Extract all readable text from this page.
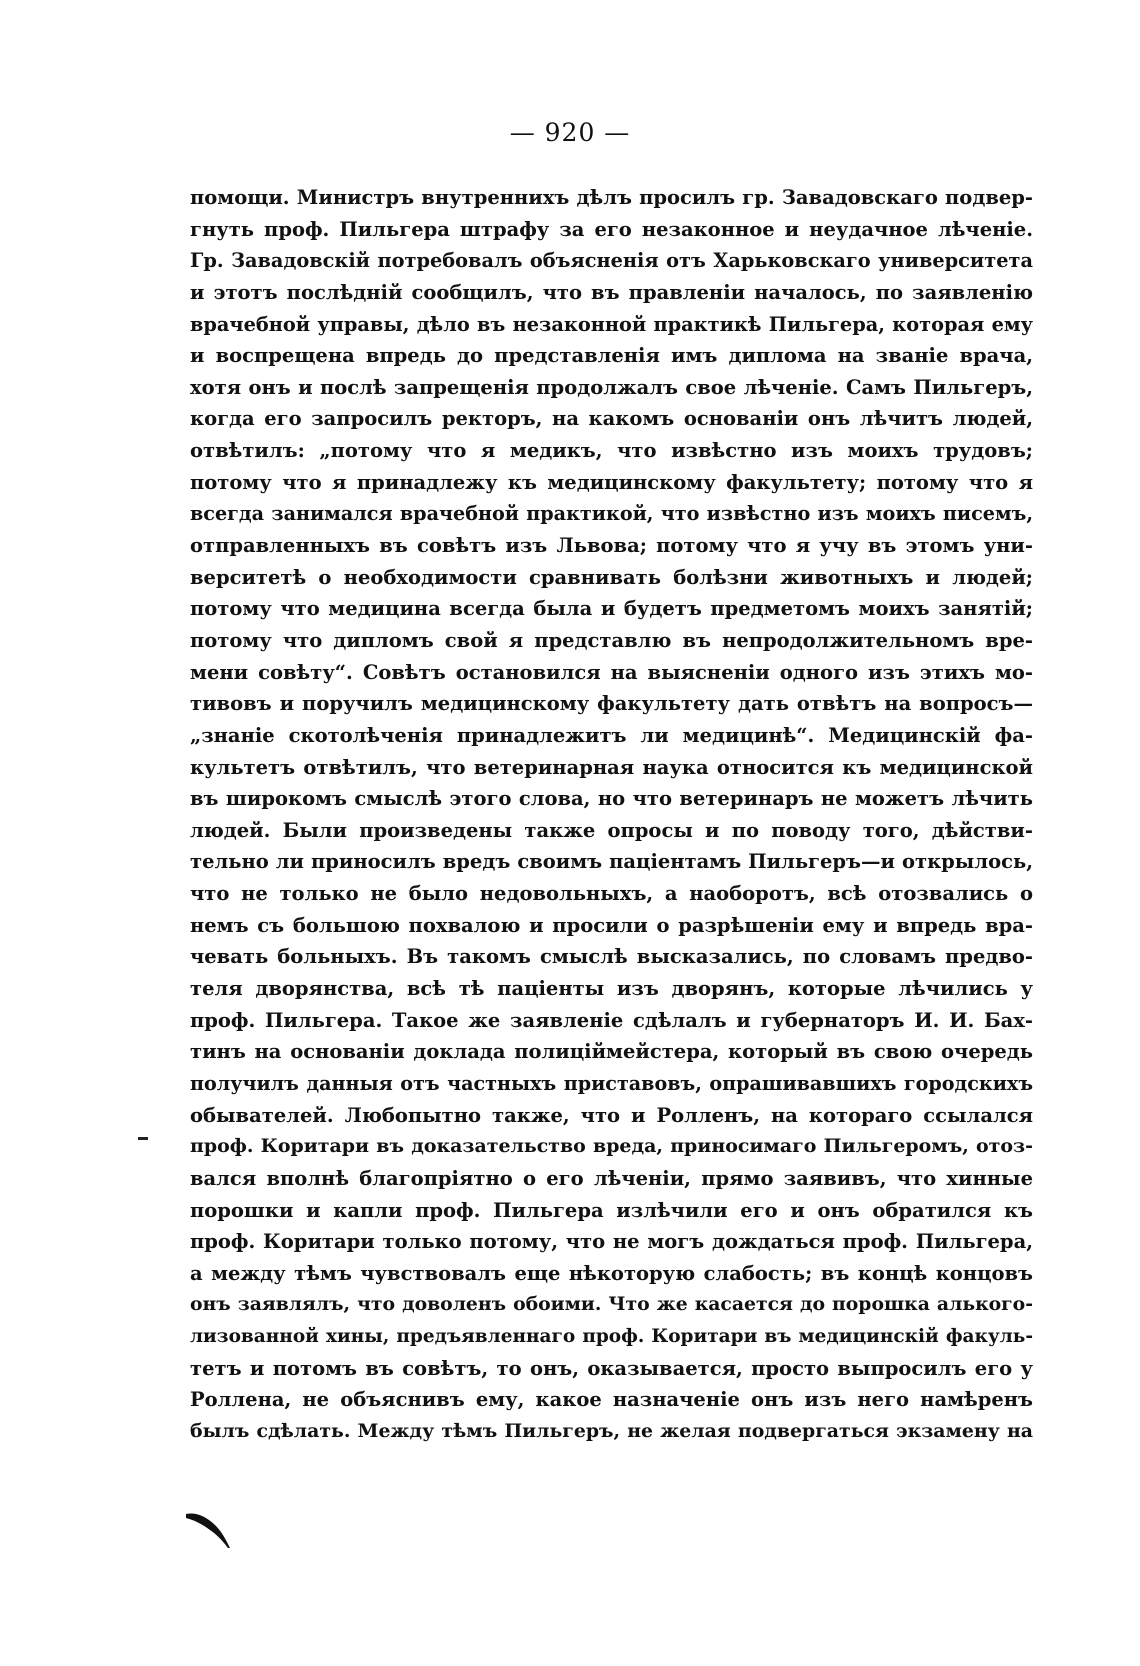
— 920 —
помощи. Министръ внутреннихъ дѣлъ просилъ гр. Завадовскаго подвер-
гнуть проф. Пильгера штрафу за его незаконное и неудачное лѣченіе.
Гр. Завадовскій потребовалъ объясненія отъ Харьковскаго университета
и этотъ послѣдній сообщилъ, что въ правленіи началось, по заявленію
врачебной управы, дѣло въ незаконной практикѣ Пильгера, которая ему
и воспрещена впредь до представленія имъ диплома на званіе врача,
хотя онъ и послѣ запрещенія продолжалъ свое лѣченіе. Самъ Пильгеръ,
когда его запросилъ ректоръ, на какомъ основаніи онъ лѣчитъ людей,
отвѣтилъ: „потому что я медикъ, что извѣстно изъ моихъ трудовъ;
потому что я принадлежу къ медицинскому факультету; потому что я
всегда занимался врачебной практикой, что извѣстно изъ моихъ писемъ,
отправленныхъ въ совѣтъ изъ Львова; потому что я учу въ этомъ уни-
верситетѣ о необходимости сравнивать болѣзни животныхъ и людей;
потому что медицина всегда была и будетъ предметомъ моихъ занятій;
потому что дипломъ свой я представлю въ непродолжительномъ вре-
мени совѣту“. Совѣтъ остановился на выясненіи одного изъ этихъ мо-
тивовъ и поручилъ медицинскому факультету дать отвѣтъ на вопросъ—
„знаніе скотолѣченія принадлежитъ ли медицинѣ“. Медицинскій фа-
культетъ отвѣтилъ, что ветеринарная наука относится къ медицинской
въ широкомъ смыслѣ этого слова, но что ветеринаръ не можетъ лѣчить
людей. Были произведены также опросы и по поводу того, дѣйстви-
тельно ли приносилъ вредъ своимъ паціентамъ Пильгеръ—и открылось,
что не только не было недовольныхъ, а наоборотъ, всѣ отозвались о
немъ съ большою похвалою и просили о разрѣшеніи ему и впредь вра-
чевать больныхъ. Въ такомъ смыслѣ высказались, по словамъ предво-
теля дворянства, всѣ тѣ паціенты изъ дворянъ, которые лѣчились у
проф. Пильгера. Такое же заявленіе сдѣлалъ и губернаторъ И. И. Бах-
тинъ на основаніи доклада полиціймейстера, который въ свою очередь
получилъ данныя отъ частныхъ приставовъ, опрашивавшихъ городскихъ
обывателей. Любопытно также, что и Ролленъ, на котораго ссылался
проф. Коритари въ доказательство вреда, приносимаго Пильгеромъ, отоз-
вался вполнѣ благопріятно о его лѣченіи, прямо заявивъ, что хинные
порошки и капли проф. Пильгера излѣчили его и онъ обратился къ
проф. Коритари только потому, что не могъ дождаться проф. Пильгера,
а между тѣмъ чувствовалъ еще нѣкоторую слабость; въ концѣ концовъ
онъ заявлялъ, что доволенъ обоими. Что же касается до порошка алького-
лизованной хины, предъявленнаго проф. Коритари въ медицинскій факуль-
тетъ и потомъ въ совѣтъ, то онъ, оказывается, просто выпросилъ его у
Роллена, не объяснивъ ему, какое назначеніе онъ изъ него намѣренъ
былъ сдѣлать. Между тѣмъ Пильгеръ, не желая подвергаться экзамену на
